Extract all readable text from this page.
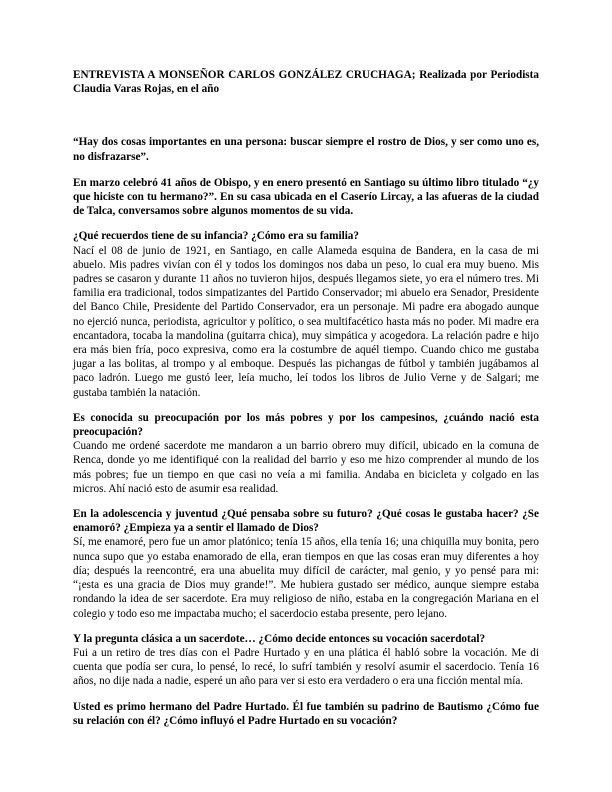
ENTREVISTA A MONSEÑOR CARLOS GONZÁLEZ CRUCHAGA; Realizada por Periodista Claudia Varas Rojas, en el año

“Hay dos cosas importantes en una persona: buscar siempre el rostro de Dios, y ser como uno es, no disfrazarse”.

En marzo celebró 41 años de Obispo, y en enero presentó en Santiago su último libro titulado “¿y que hiciste con tu hermano?”. En su casa ubicada en el Caserío Lircay, a las afueras de la ciudad de Talca, conversamos sobre algunos momentos de su vida.

¿Qué recuerdos tiene de su infancia? ¿Cómo era su familia?

Nací el 08 de junio de 1921, en Santiago, en calle Alameda esquina de Bandera, en la casa de mi abuelo. Mis padres vivían con él y todos los domingos nos daba un peso, lo cual era muy bueno. Mis padres se casaron y durante 11 años no tuvieron hijos, después llegamos siete, yo era el número tres. Mi familia era tradicional, todos simpatizantes del Partido Conservador; mi abuelo era Senador, Presidente del Banco Chile, Presidente del Partido Conservador, era un personaje. Mi padre era abogado aunque no ejerció nunca, periodista, agricultor y político, o sea multifacético hasta más no poder. Mi madre era encantadora, tocaba la mandolina (guitarra chica), muy simpática y acogedora. La relación padre e hijo era más bien fría, poco expresiva, como era la costumbre de aquél tiempo. Cuando chico me gustaba jugar a las bolitas, al trompo y al emboque. Después las pichangas de fútbol y también jugábamos al paco ladrón. Luego me gustó leer, leía mucho, leí todos los libros de Julio Verne y de Salgari; me gustaba también la natación.

Es conocida su preocupación por los más pobres y por los campesinos, ¿cuándo nació esta preocupación?

Cuando me ordené sacerdote me mandaron a un barrio obrero muy difícil, ubicado en la comuna de Renca, donde yo me identifiqué con la realidad del barrio y eso me hizo comprender al mundo de los más pobres; fue un tiempo en que casi no veía a mi familia. Andaba en bicicleta y colgado en las micros. Ahí nació esto de asumir esa realidad.

En la adolescencia y juventud ¿Qué pensaba sobre su futuro? ¿Qué cosas le gustaba hacer? ¿Se enamoró? ¿Empieza ya a sentir el llamado de Dios?

Sí, me enamoré, pero fue un amor platónico; tenía 15 años, ella tenía 16; una chiquilla muy bonita, pero nunca supo que yo estaba enamorado de ella, eran tiempos en que las cosas eran muy diferentes a hoy día; después la reencontré, era una abuelita muy difícil de carácter, mal genio, y yo pensé para mi: “¡esta es una gracia de Dios muy grande!”. Me hubiera gustado ser médico, aunque siempre estaba rondando la idea de ser sacerdote. Era muy religioso de niño, estaba en la congregación Mariana en el colegio y todo eso me impactaba mucho; el sacerdocio estaba presente, pero lejano.

Y la pregunta clásica a un sacerdote… ¿Cómo decide entonces su vocación sacerdotal?

Fui a un retiro de tres días con el Padre Hurtado y en una plática él habló sobre la vocación. Me di cuenta que podía ser cura, lo pensé, lo recé, lo sufrí también y resolví asumir el sacerdocio. Tenía 16 años, no dije nada a nadie, esperé un año para ver si esto era verdadero o era una ficción mental mía.

Usted es primo hermano del Padre Hurtado. Él fue también su padrino de Bautismo ¿Cómo fue su relación con él? ¿Cómo influyó el Padre Hurtado en su vocación?
